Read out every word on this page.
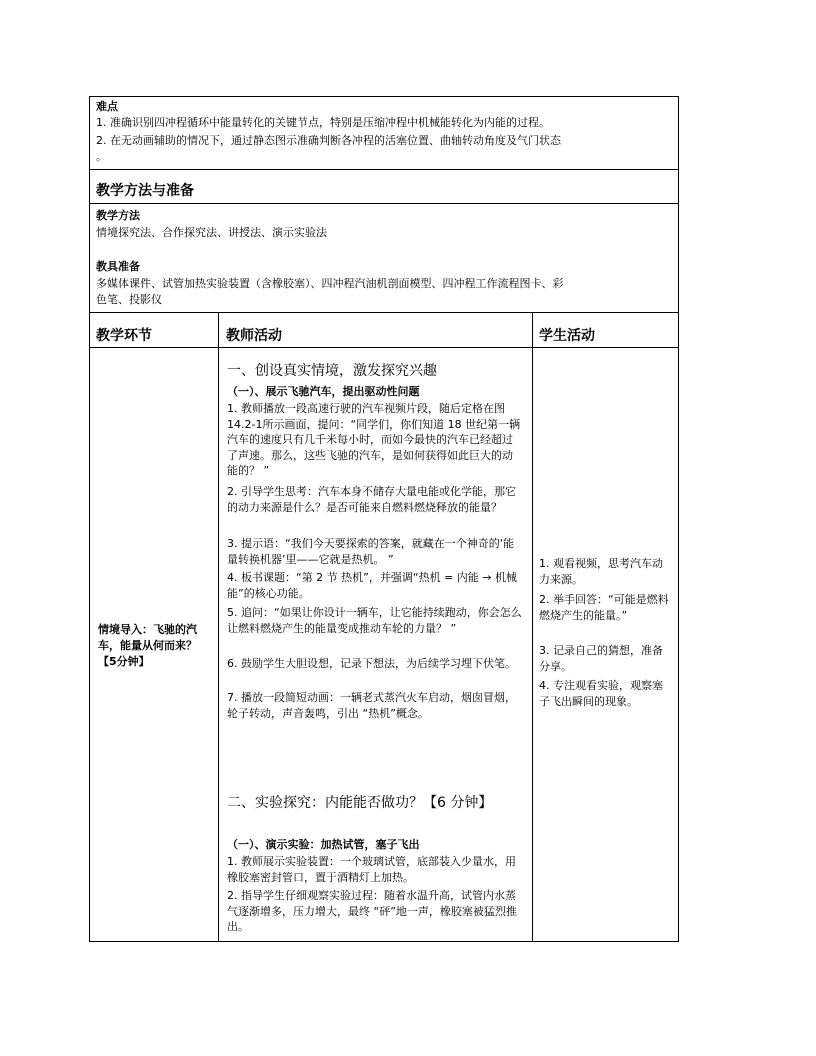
难点
1. 准确识别四冲程循环中能量转化的关键节点，特别是压缩冲程中机械能转化为内能的过程。
2. 在无动画辅助的情况下，通过静态图示准确判断各冲程的活塞位置、曲轴转动角度及气门状态
。
教学方法与准备
教学方法
情境探究法、合作探究法、讲授法、演示实验法
教具准备
多媒体课件、试管加热实验装置（含橡胶塞）、四冲程汽油机剖面模型、四冲程工作流程图卡、彩
色笔、投影仪
教学环节	教师活动	学生活动
情境导入：飞驰的汽车，能量从何而来？【5分钟】
一、创设真实情境，激发探究兴趣
（一）、展示飞驰汽车，提出驱动性问题
1. 教师播放一段高速行驶的汽车视频片段，随后定格在图 14.2-1所示画面，提问：“同学们，你们知道 18 世纪第一辆汽车的速度只有几千米每小时，而如今最快的汽车已经超过了声速。那么，这些飞驰的汽车，是如何获得如此巨大的动能的？ ”
2. 引导学生思考：汽车本身不储存大量电能或化学能，那它的动力来源是什么？是否可能来自燃料燃烧释放的能量？
3. 提示语：“我们今天要探索的答案，就藏在一个神奇的‘能量转换机器’里——它就是热机。 ”
4. 板书课题：“第 2 节 热机”，并强调“热机 = 内能 → 机械能”的核心功能。
5. 追问：“如果让你设计一辆车，让它能持续跑动，你会怎么让燃料燃烧产生的能量变成推动车轮的力量？ ”
6. 鼓励学生大胆设想，记录下想法，为后续学习埋下伏笔。
7. 播放一段简短动画：一辆老式蒸汽火车启动，烟囱冒烟，轮子转动，声音轰鸣，引出 “热机”概念。
二、实验探究：内能能否做功？【6 分钟】
（一）、演示实验：加热试管，塞子飞出
1. 教师展示实验装置：一个玻璃试管，底部装入少量水，用橡胶塞密封管口，置于酒精灯上加热。
2. 指导学生仔细观察实验过程：随着水温升高，试管内水蒸气逐渐增多，压力增大，最终 “砰”地一声，橡胶塞被猛烈推出。
1. 观看视频，思考汽车动力来源。
2. 举手回答：“可能是燃料燃烧产生的能量。”
3. 记录自己的猜想，准备分享。
4. 专注观看实验，观察塞子飞出瞬间的现象。
